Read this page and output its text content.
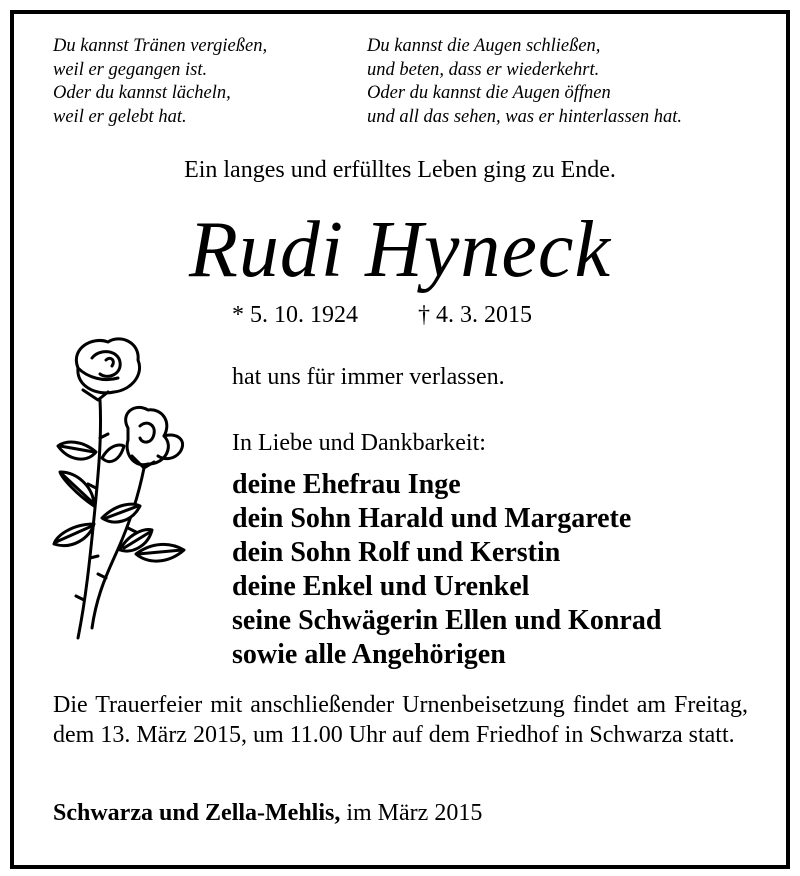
Du kannst Tränen vergießen,
weil er gegangen ist.
Oder du kannst lächeln,
weil er gelebt hat.
Du kannst die Augen schließen,
und beten, dass er wiederkehrt.
Oder du kannst die Augen öffnen
und all das sehen, was er hinterlassen hat.
Ein langes und erfülltes Leben ging zu Ende.
Rudi Hyneck
* 5. 10. 1924	† 4. 3. 2015
hat uns für immer verlassen.
In Liebe und Dankbarkeit:
deine Ehefrau Inge
dein Sohn Harald und Margarete
dein Sohn Rolf und Kerstin
deine Enkel und Urenkel
seine Schwägerin Ellen und Konrad
sowie alle Angehörigen
Die Trauerfeier mit anschließender Urnenbeisetzung findet am Freitag, dem 13. März 2015, um 11.00 Uhr auf dem Friedhof in Schwarza statt.
Schwarza und Zella-Mehlis, im März 2015
